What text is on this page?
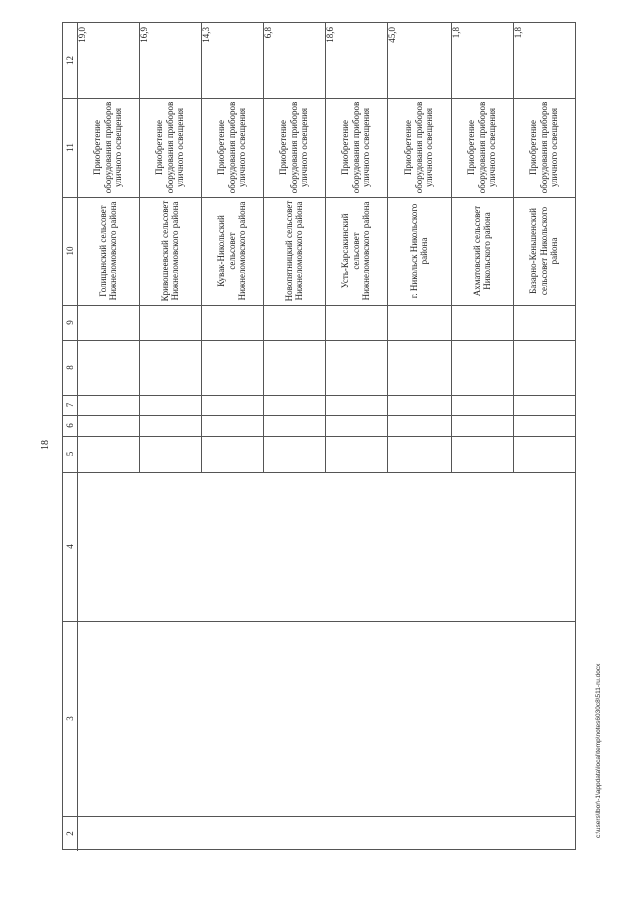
18
12
11
10
9
8
7
6
5
4
3
2
19,0
Приобретение оборудования приборов уличного освещения
Голицынский сельсовет Нижнеломовского района
16,9
Приобретение оборудования приборов уличного освещения
Кривошеевский сельсовет Нижнеломовского района
14,3
Приобретение оборудования приборов уличного освещения
Кувак-Никольский сельсовет Нижнеломовского района
6,8
Приобретение оборудования приборов уличного освещения
Новопятницкий сельсовет Нижнеломовского района
18,6
Приобретение оборудования приборов уличного освещения
Усть-Карсакинский сельсовет Нижнеломовского района
45,0
Приобретение оборудования приборов уличного освещения
г. Никольск Никольского района
1,8
Приобретение оборудования приборов уличного освещения
Ахматовский сельсовет Никольского района
1,8
Приобретение оборудования приборов уличного освещения
Базарно-Кеньшенский сельсовет Никольского района
c:\users\lbor\-1\appdata\local\temp\notes6030c8\511-ru.docx
